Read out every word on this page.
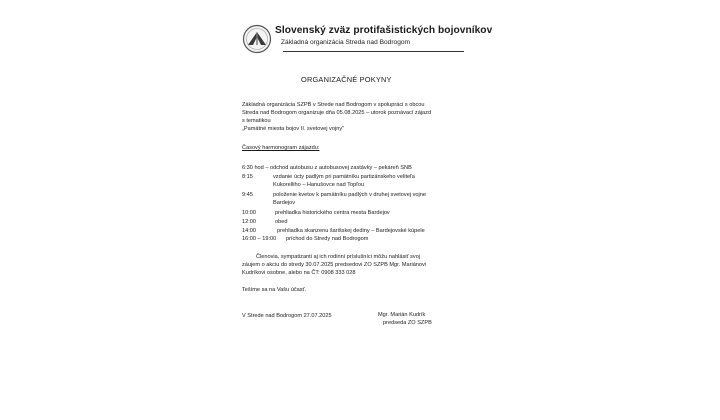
Slovenský zväz protifašistických bojovníkov
Základná organizácia Streda nad Bodrogom
ORGANIZAČNÉ POKYNY
Základná organizácia SZPB v Strede nad Bodrogom v spolupráci s obcou
Streda nad Bodrogom organizuje dňa 05.08.2025 – utorok poznávací zájazd
s tematikou
„Pamätné miesta bojov II. svetovej vojny"
Časový harmonogram zájazdu:
6:30 hod – odchod autobusu z autobusovej zastávky – pekáreň SNB
8:15	vzdanie úcty padlým pri pamätníku partizánskeho veliteľa
Kukorelliho – Hanušovce nad Topľou
9:45	položenie kvetov k pamätníku padlých v druhej svetovej vojne
Bardejov
10:00	prehliadka historického centra mesta Bardejov
12:00	obed
14:00	prehliadka skanzenu šarišskej dediny – Bardejovské kúpele
16:00 – 19:00 príchod do Stredy nad Bodrogom
Členovia, sympatizanti aj ich rodinní príslušníci môžu nahlásiť svoj
záujem o akciu do stredy 30.07.2025 predsedovi ZO SZPB Mgr. Mariánovi
Kudríkovi osobne, alebo na ČT: 0908 333 028
Tešíme sa na Vašu účasť.
V Strede nad Bodrogom 27.07.2025	Mgr. Marián Kudrík
predseda ZO SZPB
